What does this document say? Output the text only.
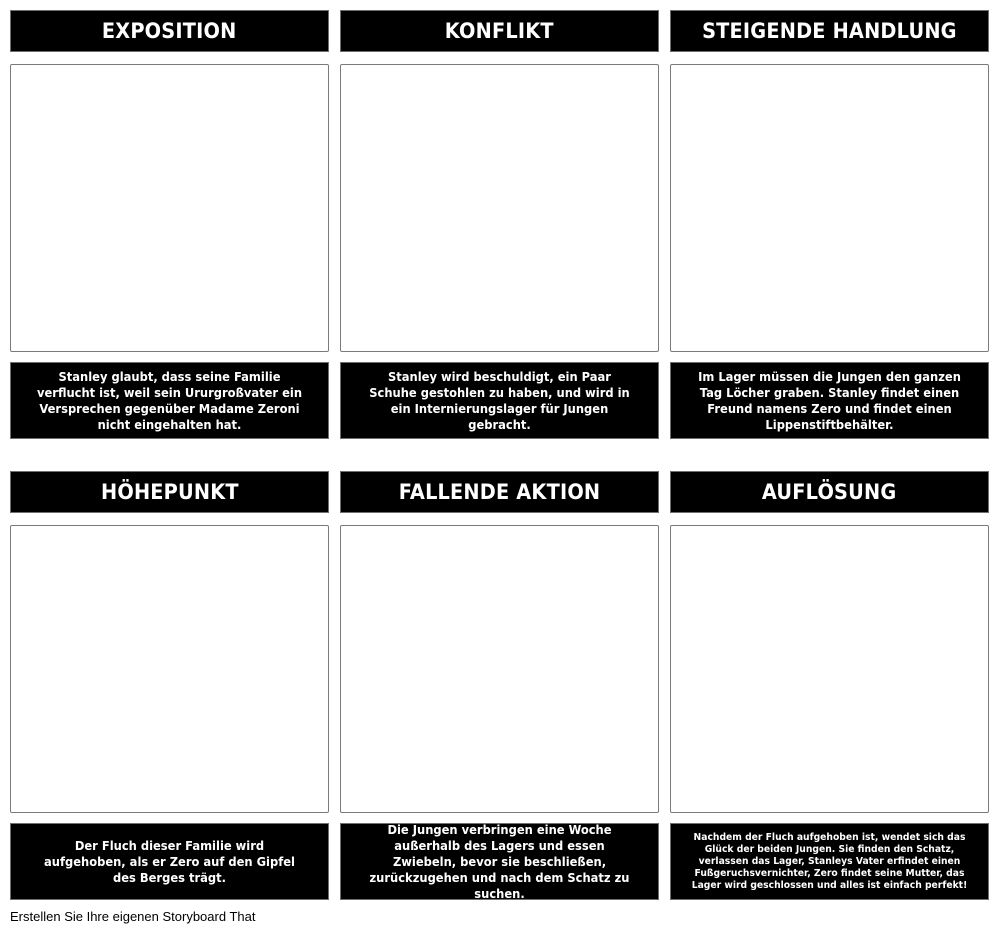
EXPOSITION
Stanley glaubt, dass seine Familie verflucht ist, weil sein Ururgroßvater ein Versprechen gegenüber Madame Zeroni nicht eingehalten hat.
KONFLIKT
Stanley wird beschuldigt, ein Paar Schuhe gestohlen zu haben, und wird in ein Internierungslager für Jungen gebracht.
STEIGENDE HANDLUNG
Im Lager müssen die Jungen den ganzen Tag Löcher graben. Stanley findet einen Freund namens Zero und findet einen Lippenstiftbehälter.
HÖHEPUNKT
Der Fluch dieser Familie wird aufgehoben, als er Zero auf den Gipfel des Berges trägt.
FALLENDE AKTION
Die Jungen verbringen eine Woche außerhalb des Lagers und essen Zwiebeln, bevor sie beschließen, zurückzugehen und nach dem Schatz zu suchen.
AUFLÖSUNG
Nachdem der Fluch aufgehoben ist, wendet sich das Glück der beiden Jungen. Sie finden den Schatz, verlassen das Lager, Stanleys Vater erfindet einen Fußgeruchsvernichter, Zero findet seine Mutter, das Lager wird geschlossen und alles ist einfach perfekt!
Erstellen Sie Ihre eigenen Storyboard That
